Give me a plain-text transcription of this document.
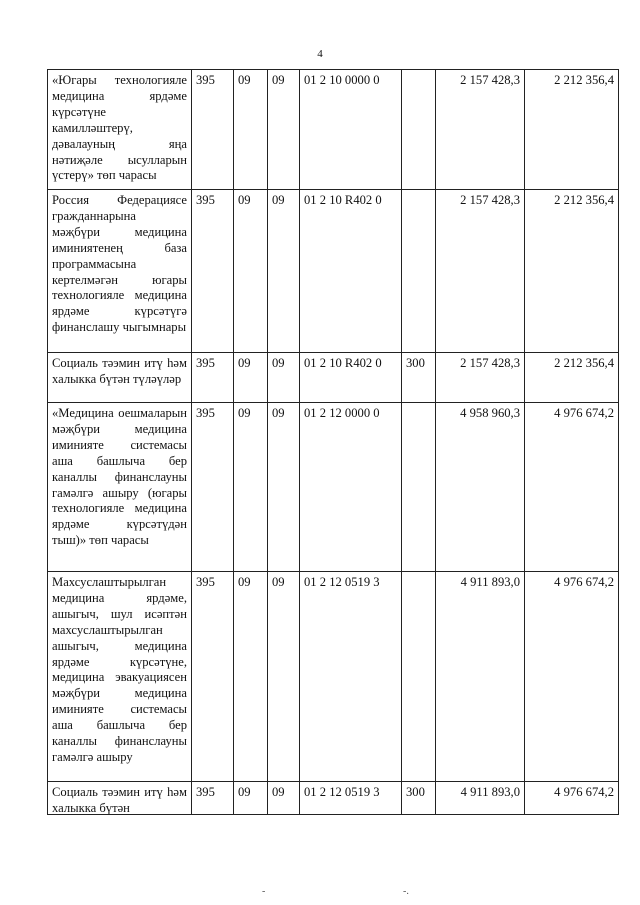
4
«Югары технологияле медицина ярдәме күрсәтүне камиллəштерү, дəвалауның яңа нəтиҗəле ысулларын үстерү» төп чарасы	395	09	09	01 2 10 0000 0		2 157 428,3	2 212 356,4
Россия Федерациясе гражданнарына мәҗбүри медицина иминиятенең база программасына кертелмәгән югары технологияле медицина ярдәме күрсәтүгә финанслашу чыгымнары	395	09	09	01 2 10 R402 0		2 157 428,3	2 212 356,4
Социаль тәэмин итү һәм халыкка бүтән түләүләр	395	09	09	01 2 10 R402 0	300	2 157 428,3	2 212 356,4
«Медицина оешмаларын мәҗбүри медицина иминияте системасы аша башлыча бер каналлы финанслауны гамәлгә ашыру (югары технологияле медицина ярдәме күрсәтүдән тыш)» төп чарасы	395	09	09	01 2 12 0000 0		4 958 960,3	4 976 674,2
Махсуслаштырылган медицина ярдәме, ашыгыч, шул исәптән махсуслаштырылган ашыгыч, медицина ярдәме күрсәтүне, медицина эвакуациясен мәҗбүри медицина иминияте системасы аша башлыча бер каналлы финанслауны гамәлгә ашыру	395	09	09	01 2 12 0519 3		4 911 893,0	4 976 674,2

Социаль тәэмин итү һәм халыкка бүтән	395	09	09	01 2 12 0519 3	300	4 911 893,0	4 976 674,2
-	‑.
